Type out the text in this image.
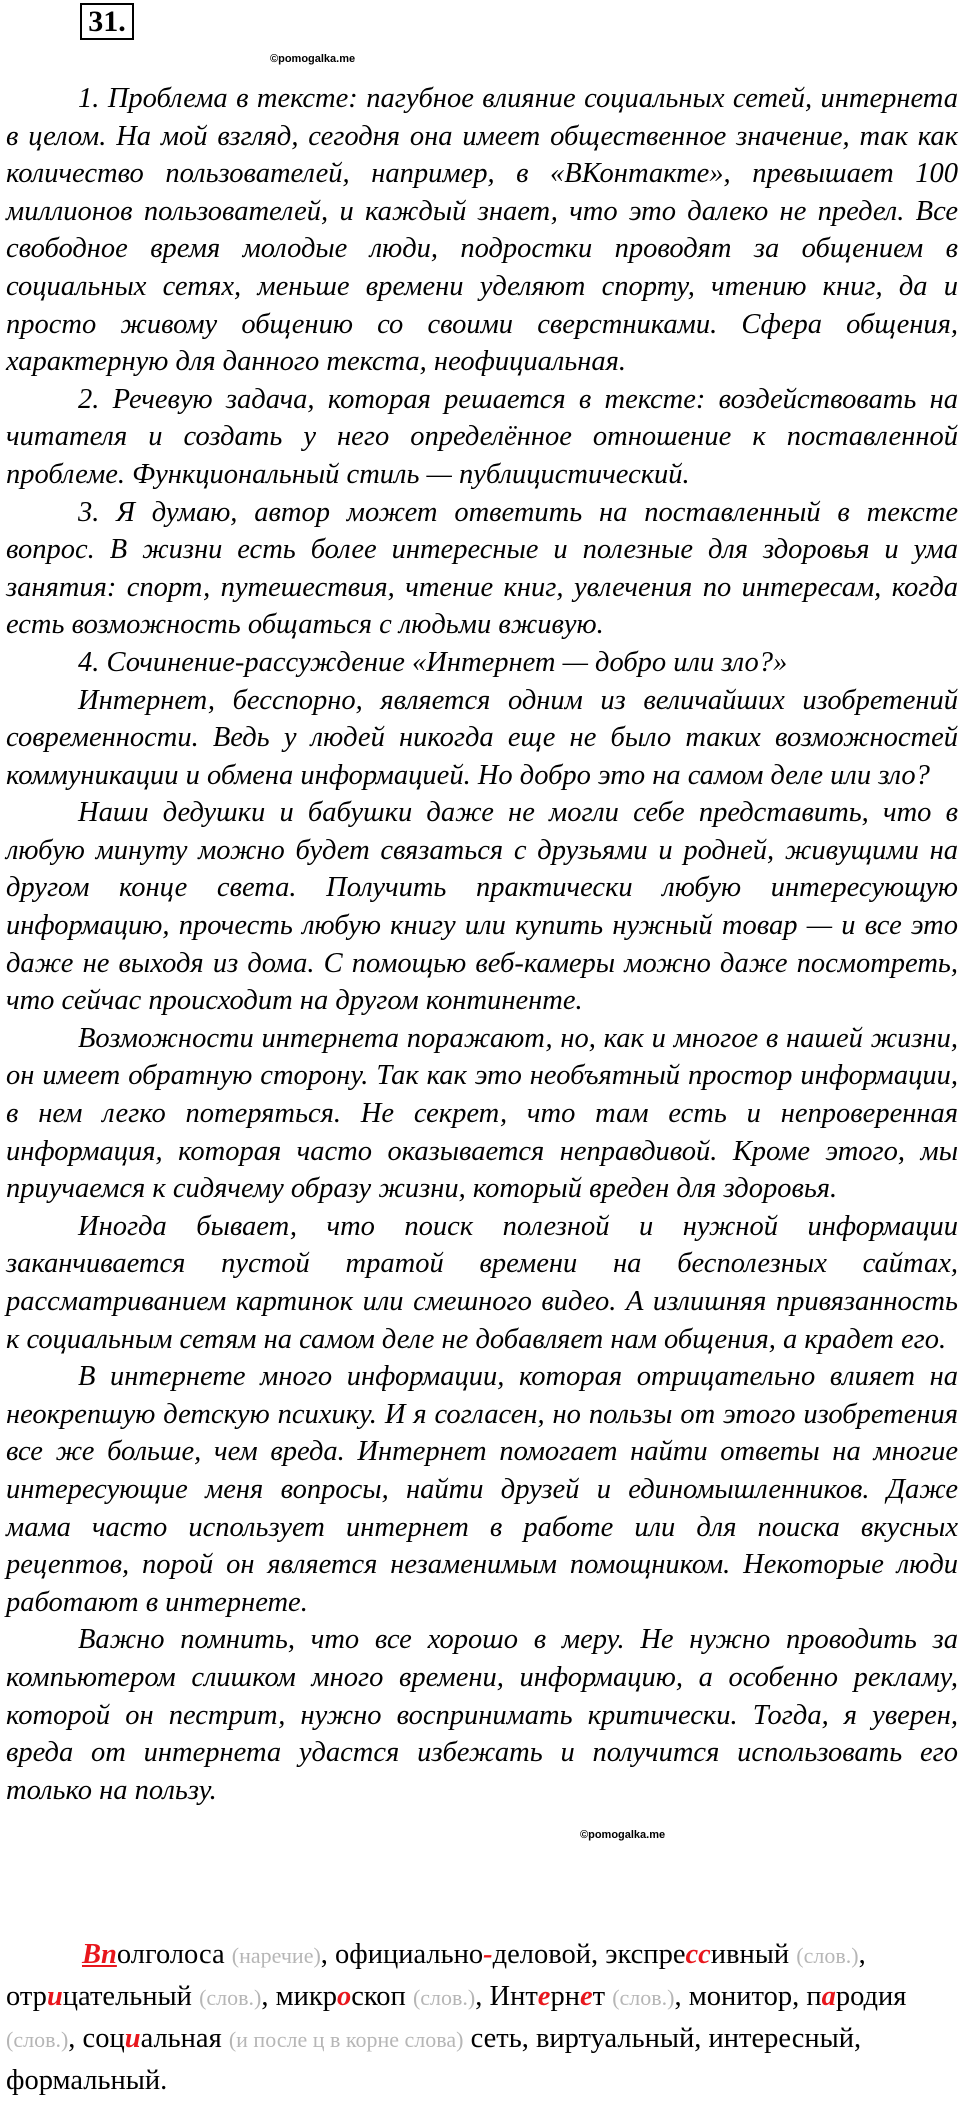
31.
©pomogalka.me

1. Проблема в тексте: пагубное влияние социальных сетей, интернета в целом. На мой взгляд, сегодня она имеет общественное значение, так как количество пользователей, например, в «ВКонтакте», превышает 100 миллионов пользователей, и каждый знает, что это далеко не предел. Все свободное время молодые люди, подростки проводят за общением в социальных сетях, меньше времени уделяют спорту, чтению книг, да и просто живому общению со своими сверстниками. Сфера общения, характерную для данного текста, неофициальная.

2. Речевую задача, которая решается в тексте: воздействовать на читателя и создать у него определённое отношение к поставленной проблеме. Функциональный стиль — публицистический.

3. Я думаю, автор может ответить на поставленный в тексте вопрос. В жизни есть более интересные и полезные для здоровья и ума занятия: спорт, путешествия, чтение книг, увлечения по интересам, когда есть возможность общаться с людьми вживую.

4. Сочинение-рассуждение «Интернет — добро или зло?»

Интернет, бесспорно, является одним из величайших изобретений современности. Ведь у людей никогда еще не было таких возможностей коммуникации и обмена информацией. Но добро это на самом деле или зло?

Наши дедушки и бабушки даже не могли себе представить, что в любую минуту можно будет связаться с друзьями и родней, живущими на другом конце света. Получить практически любую интересующую информацию, прочесть любую книгу или купить нужный товар — и все это даже не выходя из дома. С помощью веб-камеры можно даже посмотреть, что сейчас происходит на другом континенте.

Возможности интернета поражают, но, как и многое в нашей жизни, он имеет обратную сторону. Так как это необъятный простор информации, в нем легко потеряться. Не секрет, что там есть и непроверенная информация, которая часто оказывается неправдивой. Кроме этого, мы приучаемся к сидячему образу жизни, который вреден для здоровья.

Иногда бывает, что поиск полезной и нужной информации заканчивается пустой тратой времени на бесполезных сайтах, рассматриванием картинок или смешного видео. А излишняя привязанность к социальным сетям на самом деле не добавляет нам общения, а крадет его.

В интернете много информации, которая отрицательно влияет на неокрепшую детскую психику. И я согласен, но пользы от этого изобретения все же больше, чем вреда. Интернет помогает найти ответы на многие интересующие меня вопросы, найти друзей и единомышленников. Даже мама часто использует интернет в работе или для поиска вкусных рецептов, порой он является незаменимым помощником. Некоторые люди работают в интернете.

Важно помнить, что все хорошо в меру. Не нужно проводить за компьютером слишком много времени, информацию, а особенно рекламу, которой он пестрит, нужно воспринимать критически. Тогда, я уверен, вреда от интернета удастся избежать и получится использовать его только на пользу.

©pomogalka.me

Вполголоса (наречие), официально-деловой, экспрессивный (слов.), отрицательный (слов.), микроскоп (слов.), Интернет (слов.), монитор, пародия (слов.), социальная (и после ц в корне слова) сеть, виртуальный, интересный, формальный.
